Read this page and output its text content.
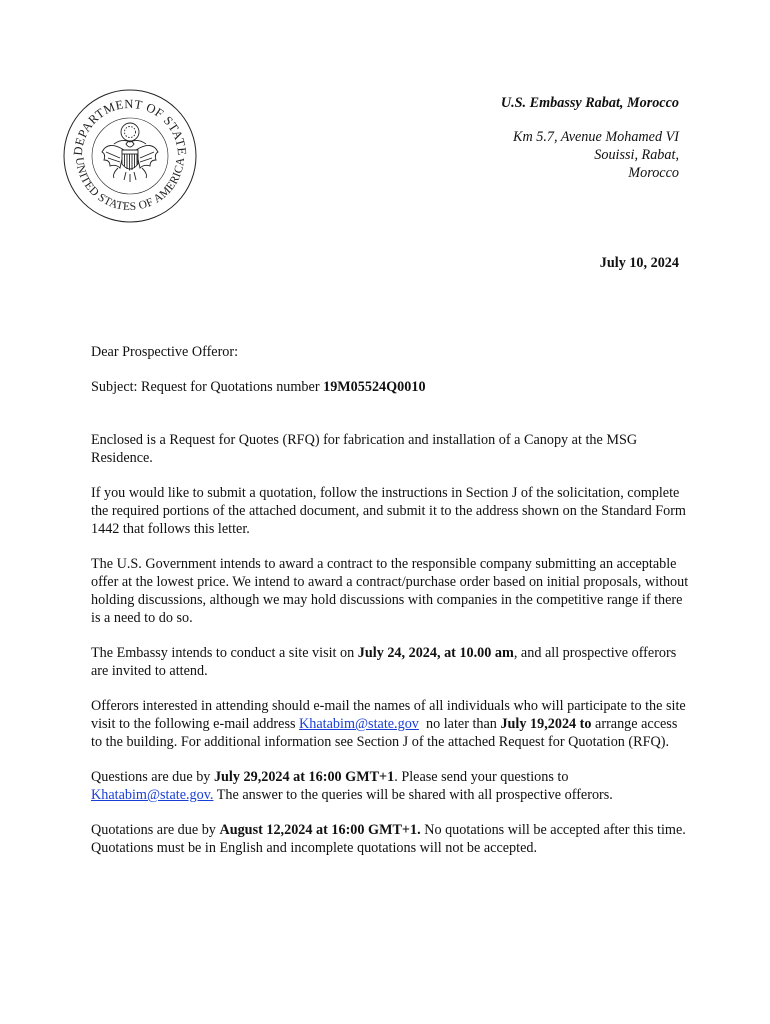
DEPARTMENT OF STATE
UNITED STATES OF AMERICA
U.S. Embassy Rabat, Morocco
Km 5.7, Avenue Mohamed VI
Souissi, Rabat,
Morocco
July 10, 2024

Dear Prospective Offeror:

Subject: Request for Quotations number 19M05524Q0010

Enclosed is a Request for Quotes (RFQ) for fabrication and installation of a Canopy at the MSG Residence.

If you would like to submit a quotation, follow the instructions in Section J of the solicitation, complete the required portions of the attached document, and submit it to the address shown on the Standard Form 1442 that follows this letter.

The U.S. Government intends to award a contract to the responsible company submitting an acceptable offer at the lowest price. We intend to award a contract/purchase order based on initial proposals, without holding discussions, although we may hold discussions with companies in the competitive range if there is a need to do so.

The Embassy intends to conduct a site visit on July 24, 2024, at 10.00 am, and all prospective offerors are invited to attend.

Offerors interested in attending should e-mail the names of all individuals who will participate to the site visit to the following e-mail address Khatabim@state.gov  no later than July 19,2024 to arrange access to the building. For additional information see Section J of the attached Request for Quotation (RFQ).

Questions are due by July 29,2024 at 16:00 GMT+1. Please send your questions to Khatabim@state.gov. The answer to the queries will be shared with all prospective offerors.

Quotations are due by August 12,2024 at 16:00 GMT+1. No quotations will be accepted after this time. Quotations must be in English and incomplete quotations will not be accepted.
